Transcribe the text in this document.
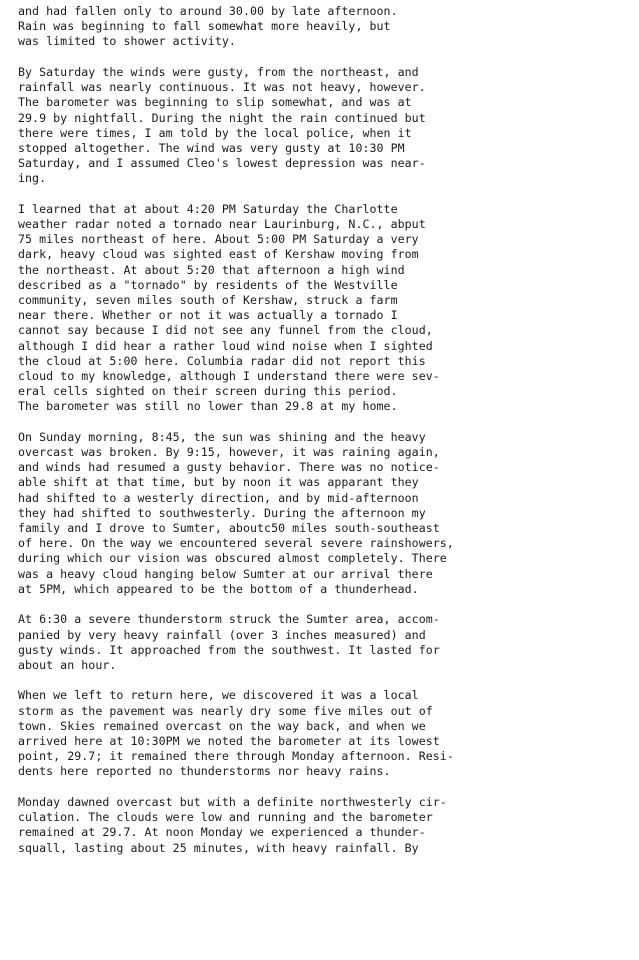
and had fallen only to around 30.00 by late afternoon.
Rain was beginning to fall somewhat more heavily, but
was limited to shower activity.
By Saturday the winds were gusty, from the northeast, and
rainfall was nearly continuous. It was not heavy, however.
The barometer was beginning to slip somewhat, and was at
29.9 by nightfall. During the night the rain continued but
there were times, I am told by the local police, when it
stopped altogether. The wind was very gusty at 10:30 PM
Saturday, and I assumed Cleo's lowest depression was near-
ing.
I learned that at about 4:20 PM Saturday the Charlotte
weather radar noted a tornado near Laurinburg, N.C., abput
75 miles northeast of here. About 5:00 PM Saturday a very
dark, heavy cloud was sighted east of Kershaw moving from
the northeast. At about 5:20 that afternoon a high wind
described as a "tornado" by residents of the Westville
community, seven miles south of Kershaw, struck a farm
near there. Whether or not it was actually a tornado I
cannot say because I did not see any funnel from the cloud,
although I did hear a rather loud wind noise when I sighted
the cloud at 5:00 here. Columbia radar did not report this
cloud to my knowledge, although I understand there were sev-
eral cells sighted on their screen during this period.
The barometer was still no lower than 29.8 at my home.
On Sunday morning, 8:45, the sun was shining and the heavy
overcast was broken. By 9:15, however, it was raining again,
and winds had resumed a gusty behavior. There was no notice-
able shift at that time, but by noon it was apparant they
had shifted to a westerly direction, and by mid-afternoon
they had shifted to southwesterly. During the afternoon my
family and I drove to Sumter, aboutc50 miles south-southeast
of here. On the way we encountered several severe rainshowers,
during which our vision was obscured almost completely. There
was a heavy cloud hanging below Sumter at our arrival there
at 5PM, which appeared to be the bottom of a thunderhead.
At 6:30 a severe thunderstorm struck the Sumter area, accom-
panied by very heavy rainfall (over 3 inches measured) and
gusty winds. It approached from the southwest. It lasted for
about an hour.
When we left to return here, we discovered it was a local
storm as the pavement was nearly dry some five miles out of
town. Skies remained overcast on the way back, and when we
arrived here at 10:30PM we noted the barometer at its lowest
point, 29.7; it remained there through Monday afternoon. Resi-
dents here reported no thunderstorms nor heavy rains.
Monday dawned overcast but with a definite northwesterly cir-
culation. The clouds were low and running and the barometer
remained at 29.7. At noon Monday we experienced a thunder-
squall, lasting about 25 minutes, with heavy rainfall. By
